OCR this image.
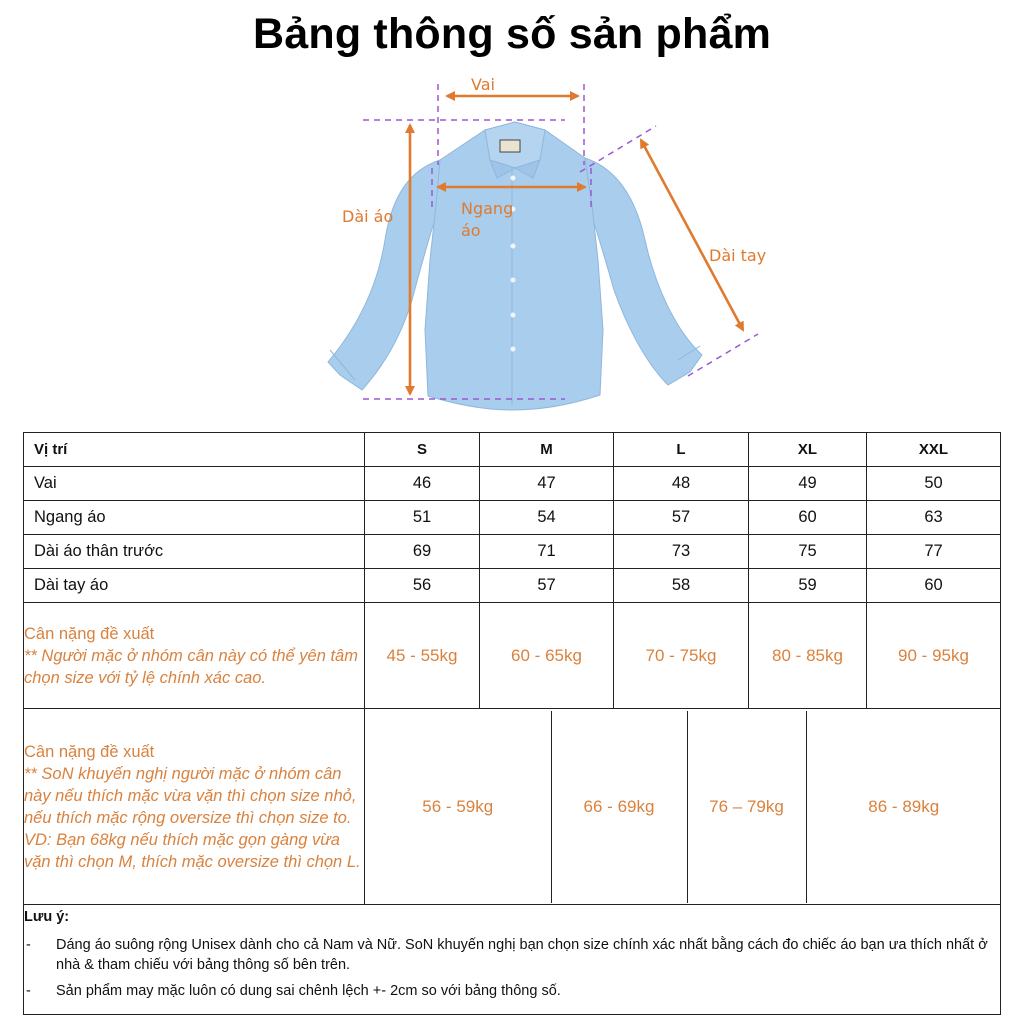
Bảng thông số sản phẩm
Vai
Dài áo	Ngang
áo
Dài tay
Vị trí	S	M	L	XL	XXL
Vai	46	47	48	49	50
Ngang áo	51	54	57	60	63
Dài áo thân trước	69	71	73	75	77
Dài tay áo	56	57	58	59	60

Cân nặng đề xuất
** Người mặc ở nhóm cân này có thể yên tâm chọn size với tỷ lệ chính xác cao.
	45 - 55kg	60 - 65kg	70 - 75kg	80 - 85kg	90 - 95kg

Cân nặng đề xuất
** SoN khuyến nghị người mặc ở nhóm cân này nếu thích mặc vừa vặn thì chọn size nhỏ, nếu thích mặc rộng oversize thì chọn size to.
VD: Bạn 68kg nếu thích mặc gọn gàng vừa vặn thì chọn M, thích mặc oversize thì chọn L.

56 - 59kg	66 - 69kg	76 – 79kg	86 - 89kg

Lưu ý:
-	Dáng áo suông rộng Unisex dành cho cả Nam và Nữ. SoN khuyến nghị bạn chọn size chính xác nhất bằng cách đo chiếc áo bạn ưa thích nhất ở nhà & tham chiếu với bảng thông số bên trên.
-	Sản phẩm may mặc luôn có dung sai chênh lệch +- 2cm so với bảng thông số.
